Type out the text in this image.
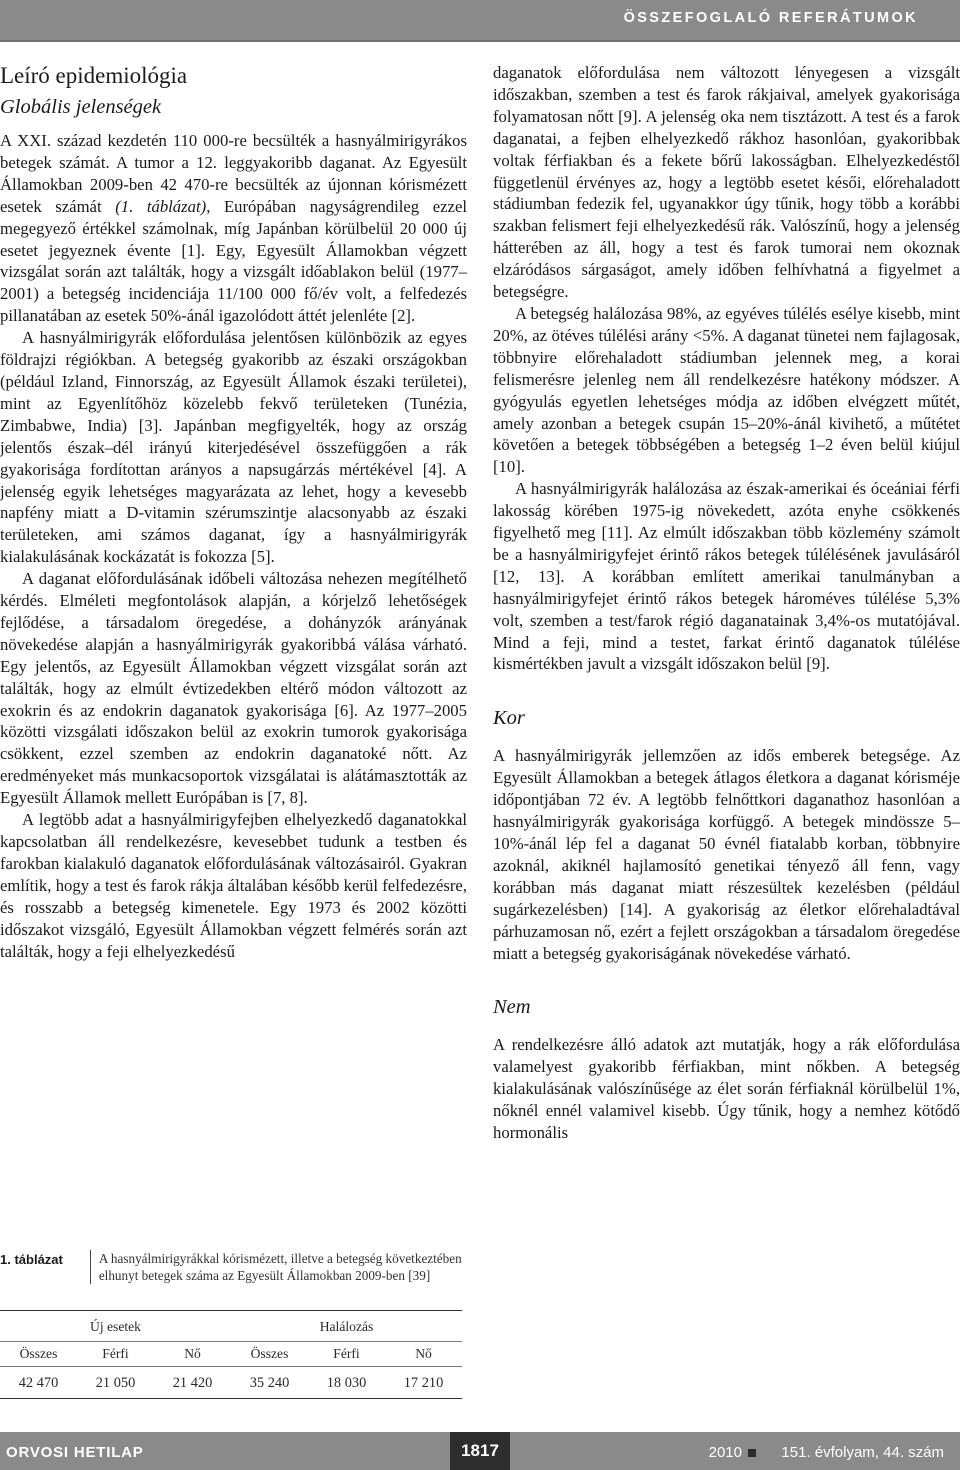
ÖSSZEFOGLALÓ REFERÁTUMOK
Leíró epidemiológia
Globális jelenségek

A XXI. század kezdetén 110 000-re becsülték a hasnyálmirigyrákos betegek számát. A tumor a 12. leggyakoribb daganat. Az Egyesült Államokban 2009-ben 42 470-re becsülték az újonnan kórismézett esetek számát (1. táblázat), Európában nagyságrendileg ezzel megegyező értékkel számolnak, míg Japánban körülbelül 20 000 új esetet jegyeznek évente [1]. Egy, Egyesült Államokban végzett vizsgálat során azt találták, hogy a vizsgált időablakon belül (1977–2001) a betegség incidenciája 11/100 000 fő/év volt, a felfedezés pillanatában az esetek 50%-ánál igazolódott áttét jelenléte [2].

A hasnyálmirigyrák előfordulása jelentősen különbözik az egyes földrajzi régiókban. A betegség gyakoribb az északi országokban (például Izland, Finnország, az Egyesült Államok északi területei), mint az Egyenlítőhöz közelebb fekvő területeken (Tunézia, Zimbabwe, India) [3]. Japánban megfigyelték, hogy az ország jelentős észak–dél irányú kiterjedésével összefüggően a rák gyakorisága fordítottan arányos a napsugárzás mértékével [4]. A jelenség egyik lehetséges magyarázata az lehet, hogy a kevesebb napfény miatt a D-vitamin szérumszintje alacsonyabb az északi területeken, ami számos daganat, így a hasnyálmirigyrák kialakulásának kockázatát is fokozza [5].

A daganat előfordulásának időbeli változása nehezen megítélhető kérdés. Elméleti megfontolások alapján, a kórjelző lehetőségek fejlődése, a társadalom öregedése, a dohányzók arányának növekedése alapján a hasnyálmirigyrák gyakoribbá válása várható. Egy jelentős, az Egyesült Államokban végzett vizsgálat során azt találták, hogy az elmúlt évtizedekben eltérő módon változott az exokrin és az endokrin daganatok gyakorisága [6]. Az 1977–2005 közötti vizsgálati időszakon belül az exokrin tumorok gyakorisága csökkent, ezzel szemben az endokrin daganatoké nőtt. Az eredményeket más munkacsoportok vizsgálatai is alátámasztották az Egyesült Államok mellett Európában is [7, 8].

A legtöbb adat a hasnyálmirigyfejben elhelyezkedő daganatokkal kapcsolatban áll rendelkezésre, kevesebbet tudunk a testben és farokban kialakuló daganatok előfordulásának változásairól. Gyakran említik, hogy a test és farok rákja általában később kerül felfedezésre, és rosszabb a betegség kimenetele. Egy 1973 és 2002 közötti időszakot vizsgáló, Egyesült Államokban végzett felmérés során azt találták, hogy a feji elhelyezkedésű

daganatok előfordulása nem változott lényegesen a vizsgált időszakban, szemben a test és farok rákjaival, amelyek gyakorisága folyamatosan nőtt [9]. A jelenség oka nem tisztázott. A test és a farok daganatai, a fejben elhelyezkedő rákhoz hasonlóan, gyakoribbak voltak férfiakban és a fekete bőrű lakosságban. Elhelyezkedéstől függetlenül érvényes az, hogy a legtöbb esetet késői, előrehaladott stádiumban fedezik fel, ugyanakkor úgy tűnik, hogy több a korábbi szakban felismert feji elhelyezkedésű rák. Valószínű, hogy a jelenség hátterében az áll, hogy a test és farok tumorai nem okoznak elzáródásos sárgaságot, amely időben felhívhatná a figyelmet a betegségre.

A betegség halálozása 98%, az egyéves túlélés esélye kisebb, mint 20%, az ötéves túlélési arány <5%. A daganat tünetei nem fajlagosak, többnyire előrehaladott stádiumban jelennek meg, a korai felismerésre jelenleg nem áll rendelkezésre hatékony módszer. A gyógyulás egyetlen lehetséges módja az időben elvégzett műtét, amely azonban a betegek csupán 15–20%-ánál kivihető, a műtétet követően a betegek többségében a betegség 1–2 éven belül kiújul [10].

A hasnyálmirigyrák halálozása az észak-amerikai és óceániai férfi lakosság körében 1975-ig növekedett, azóta enyhe csökkenés figyelhető meg [11]. Az elmúlt időszakban több közlemény számolt be a hasnyálmirigyfejet érintő rákos betegek túlélésének javulásáról [12, 13]. A korábban említett amerikai tanulmányban a hasnyálmirigyfejet érintő rákos betegek hároméves túlélése 5,3% volt, szemben a test/farok régió daganatainak 3,4%-os mutatójával. Mind a feji, mind a testet, farkat érintő daganatok túlélése kismértékben javult a vizsgált időszakon belül [9].

Kor

A hasnyálmirigyrák jellemzően az idős emberek betegsége. Az Egyesült Államokban a betegek átlagos életkora a daganat kórisméje időpontjában 72 év. A legtöbb felnőttkori daganathoz hasonlóan a hasnyálmirigyrák gyakorisága korfüggő. A betegek mindössze 5–10%-ánál lép fel a daganat 50 évnél fiatalabb korban, többnyire azoknál, akiknél hajlamosító genetikai tényező áll fenn, vagy korábban más daganat miatt részesültek kezelésben (például sugárkezelésben) [14]. A gyakoriság az életkor előrehaladtával párhuzamosan nő, ezért a fejlett országokban a társadalom öregedése miatt a betegség gyakoriságának növekedése várható.

Nem

A rendelkezésre álló adatok azt mutatják, hogy a rák előfordulása valamelyest gyakoribb férfiakban, mint nőkben. A betegség kialakulásának valószínűsége az élet során férfiaknál körülbelül 1%, nőknél ennél valamivel kisebb. Úgy tűnik, hogy a nemhez kötődő hormonális

1. táblázat	A hasnyálmirigyrákkal kórismézett, illetve a betegség következtében elhunyt betegek száma az Egyesült Államokban 2009-ben [39]
Új esetek			Halálozás		
Összes	Férfi	Nő	Összes	Férfi	Nő
42 470	21 050	21 420	35 240	18 030	17 210
ORVOSI HETILAP	1817	2010	151. évfolyam, 44. szám
